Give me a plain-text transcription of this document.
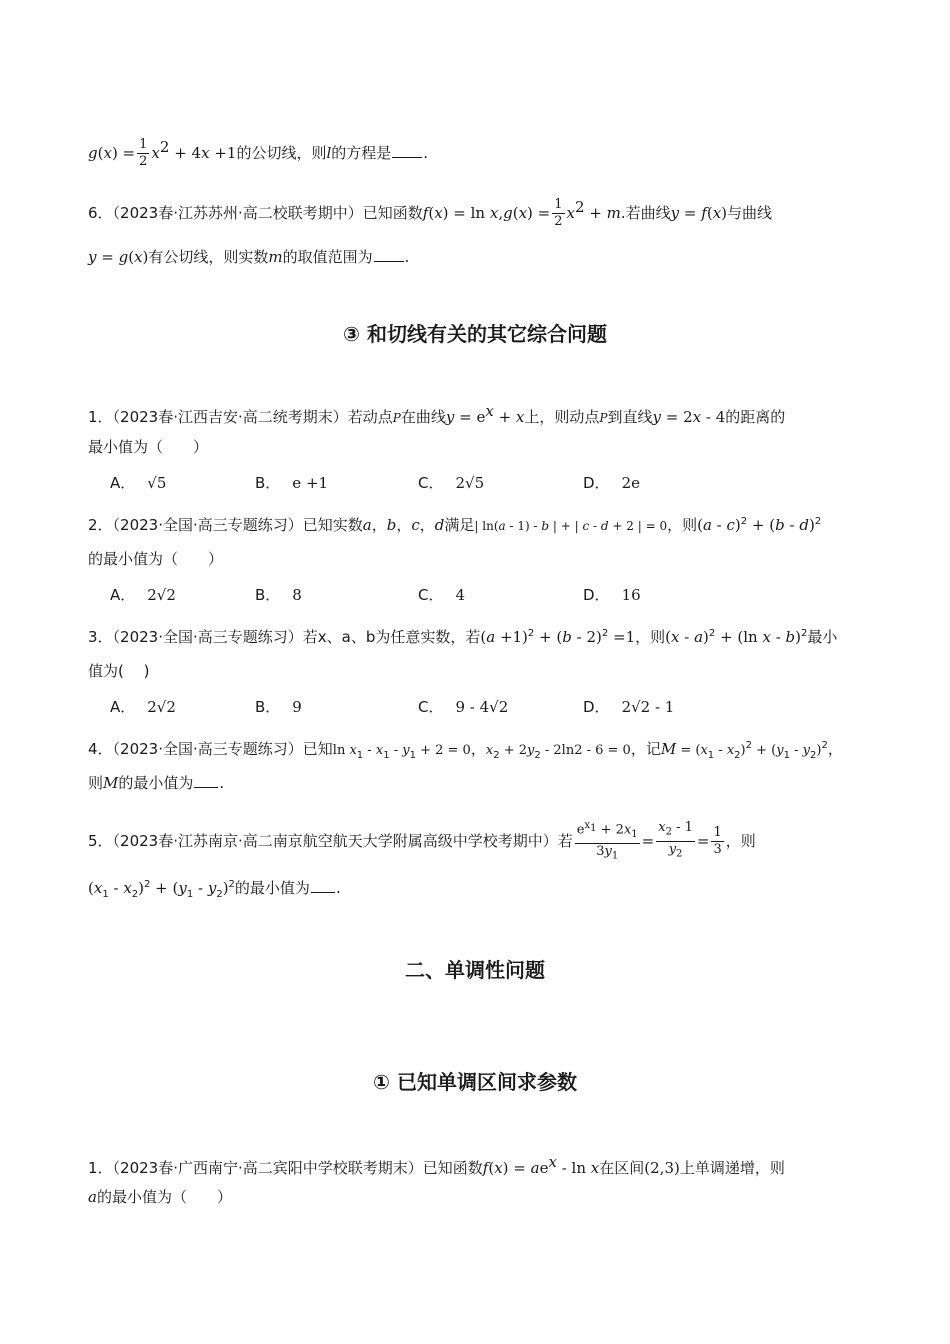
$g(x) = \frac{1}{2} x^2 + 4x +1$的公切线，则l的方程是 .
6．（2023春·江苏苏州·高二校联考期中）已知函数$f(x) = \ln x,g(x) = \frac{1}{2} x^2 + m$.若曲线y = f(x)与曲线
y = g(x)有公切线，则实数m的取值范围为 .
③ 和切线有关的其它综合问题
1．（2023春·江西吉安·高二统考期末）若动点P在曲线$y = e^x + x$上，则动点P到直线y = 2x - 4的距离的
最小值为（　　）
A． √5	B． e +1	C． 2√5	D． 2e
2．（2023·全国·高三专题练习）已知实数a，b，c，d满足| ln(a - 1) - b | + | c - d + 2 | = 0，则(a - c)$^2$ + (b - d)$^2$
的最小值为（　　）
A． 2√2	B． 8	C． 4	D． 16
3．（2023·全国·高三专题练习）若x、a、b为任意实数，若$(a +1)^2 + (b - 2)^2 =1$，则(x - a)$^2$ + (ln x - b)$^2$最小
值为(　 )
A． 2√2	B． 9	C． 9 - 4√2	D． 2√2 - 1
4．（2023·全国·高三专题练习）已知$\ln x_1 - x_1 - y_1 + 2 = 0$，$x_2 + 2y_2 - 2\ln 2 - 6 = 0$，记$M = (x_1 - x_2)^2 + (y_1 - y_2)^2$，
则M的最小值为 .
5．（2023春·江苏南京·高二南京航空航天大学附属高级中学校考期中）若 $\frac{e^{x_1} + 2x_1}{3y_1} = \frac{x_2 - 1}{y_2} = \frac{1}{3}$ ，则
$(x_1 - x_2)^2 + (y_1 - y_2)^2$的最小值为 .
二、单调性问题
① 已知单调区间求参数
1．（2023春·广西南宁·高二宾阳中学校联考期末）已知函数$f(x) = ae^x - \ln x$在区间(2,3)上单调递增，则
a的最小值为（　　）
